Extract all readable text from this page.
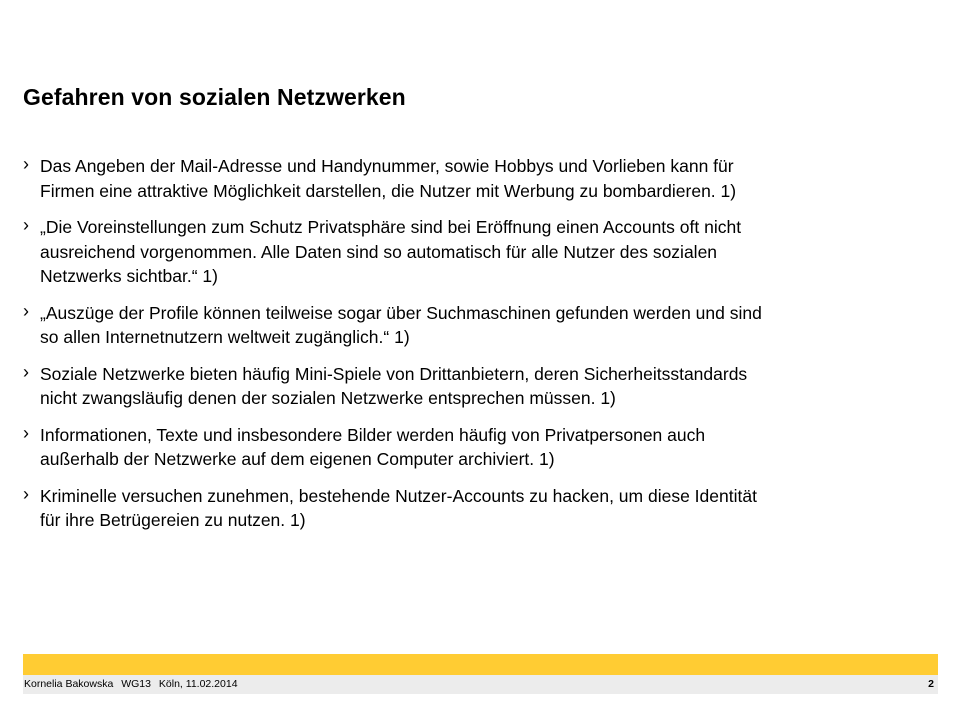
Gefahren von sozialen Netzwerken
› Das Angeben der Mail-Adresse und Handynummer, sowie Hobbys und Vorlieben kann für
Firmen eine attraktive Möglichkeit darstellen, die Nutzer mit Werbung zu bombardieren. 1)
› „Die Voreinstellungen zum Schutz Privatsphäre sind bei Eröffnung einen Accounts oft nicht
ausreichend vorgenommen. Alle Daten sind so automatisch für alle Nutzer des sozialen
Netzwerks sichtbar.“ 1)
› „Auszüge der Profile können teilweise sogar über Suchmaschinen gefunden werden und sind
so allen Internetnutzern weltweit zugänglich.“ 1)
› Soziale Netzwerke bieten häufig Mini-Spiele von Drittanbietern, deren Sicherheitsstandards
nicht zwangsläufig denen der sozialen Netzwerke entsprechen müssen. 1)
› Informationen, Texte und insbesondere Bilder werden häufig von Privatpersonen auch
außerhalb der Netzwerke auf dem eigenen Computer archiviert. 1)
› Kriminelle versuchen zunehmen, bestehende Nutzer-Accounts zu hacken, um diese Identität
für ihre Betrügereien zu nutzen. 1)
Kornelia Bakowska WG13 Köln, 11.02.2014	2
